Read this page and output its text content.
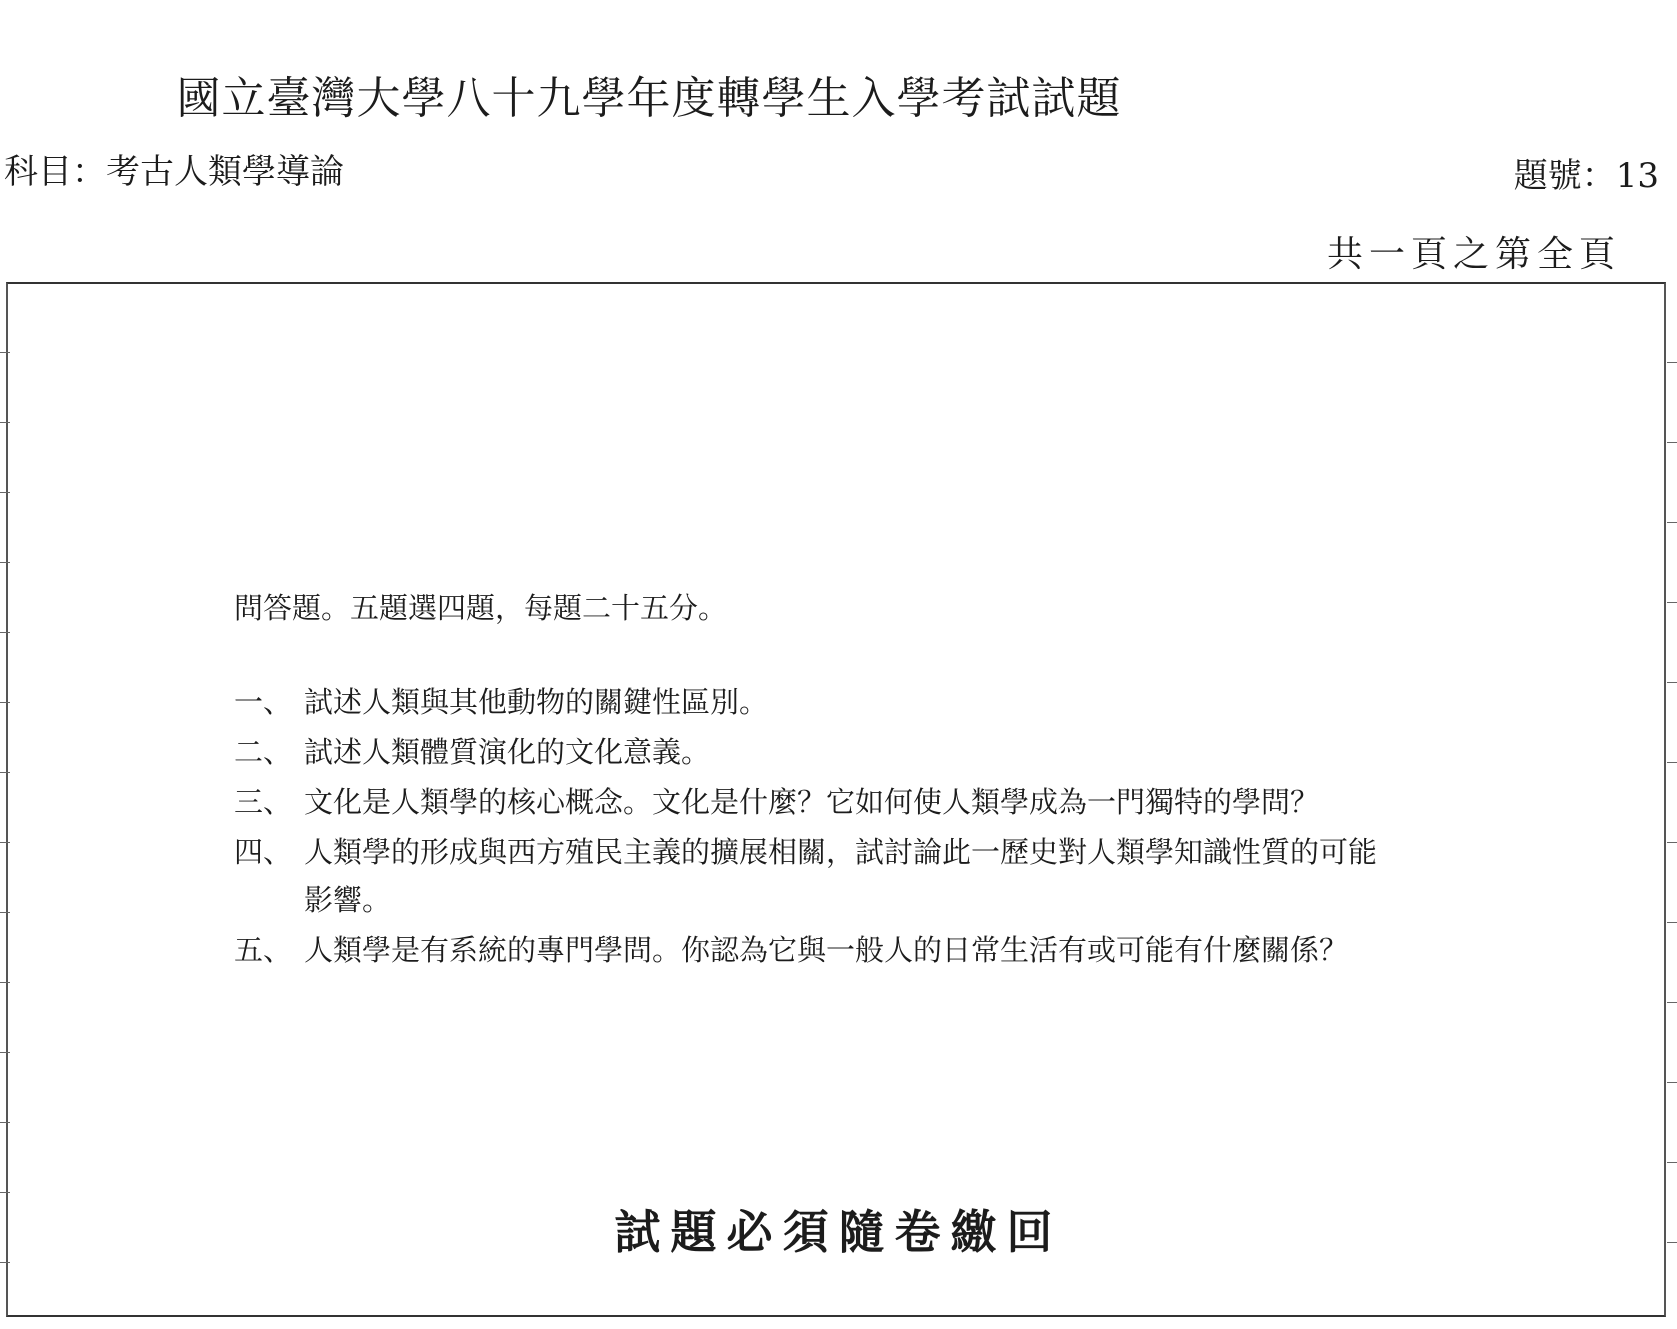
國立臺灣大學八十九學年度轉學生入學考試試題
科目：考古人類學導論	題號：13
共一頁之第全頁

問答題。五題選四題，每題二十五分。

一、 試述人類與其他動物的關鍵性區別。
二、 試述人類體質演化的文化意義。
三、 文化是人類學的核心概念。文化是什麼？它如何使人類學成為一門獨特的學問？
四、 人類學的形成與西方殖民主義的擴展相關，試討論此一歷史對人類學知識性質的可能影響。
五、 人類學是有系統的專門學問。你認為它與一般人的日常生活有或可能有什麼關係？
試題必須隨卷繳回
